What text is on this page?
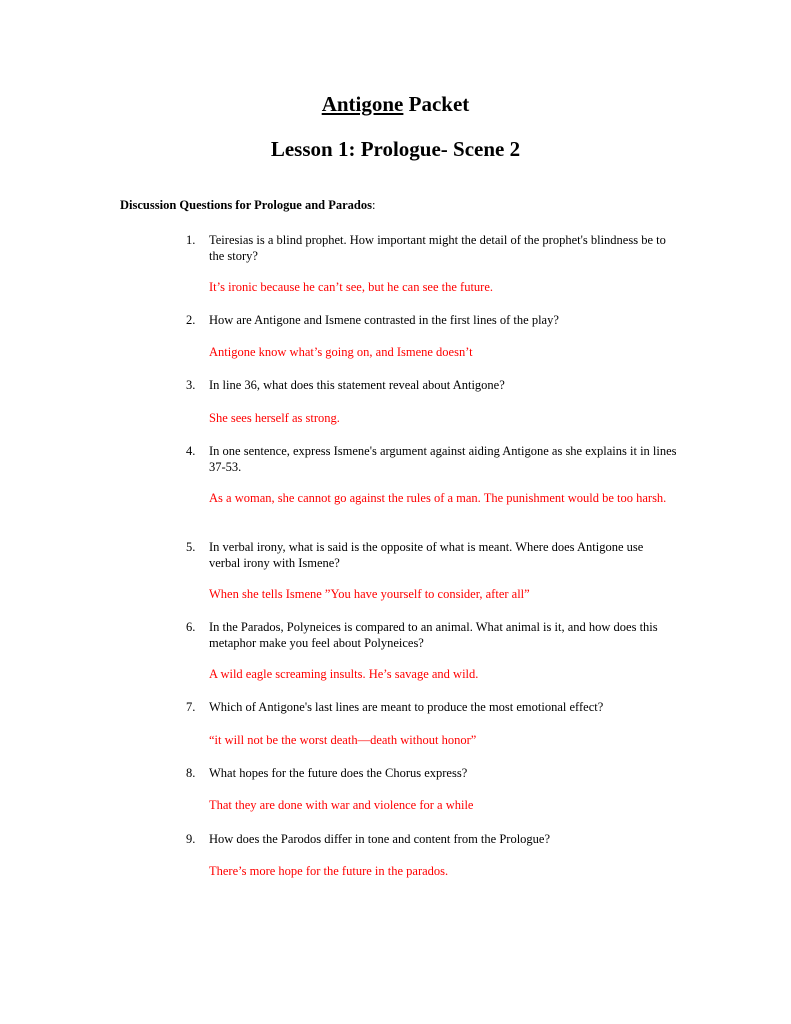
Antigone Packet
Lesson 1: Prologue- Scene 2
Discussion Questions for Prologue and Parados:
1. Teiresias is a blind prophet. How important might the detail of the prophet's blindness be to the story?
It’s ironic because he can’t see, but he can see the future.
2. How are Antigone and Ismene contrasted in the first lines of the play?
Antigone know what’s going on, and Ismene doesn’t
3. In line 36, what does this statement reveal about Antigone?
She sees herself as strong.
4. In one sentence, express Ismene's argument against aiding Antigone as she explains it in lines 37-53.
As a woman, she cannot go against the rules of a man. The punishment would be too harsh.
5. In verbal irony, what is said is the opposite of what is meant. Where does Antigone use verbal irony with Ismene?
When she tells Ismene ”You have yourself to consider, after all”
6. In the Parados, Polyneices is compared to an animal. What animal is it, and how does this metaphor make you feel about Polyneices?
A wild eagle screaming insults. He’s savage and wild.
7. Which of Antigone's last lines are meant to produce the most emotional effect?
“it will not be the worst death—death without honor”
8. What hopes for the future does the Chorus express?
That they are done with war and violence for a while
9. How does the Parodos differ in tone and content from the Prologue?
There’s more hope for the future in the parados.
